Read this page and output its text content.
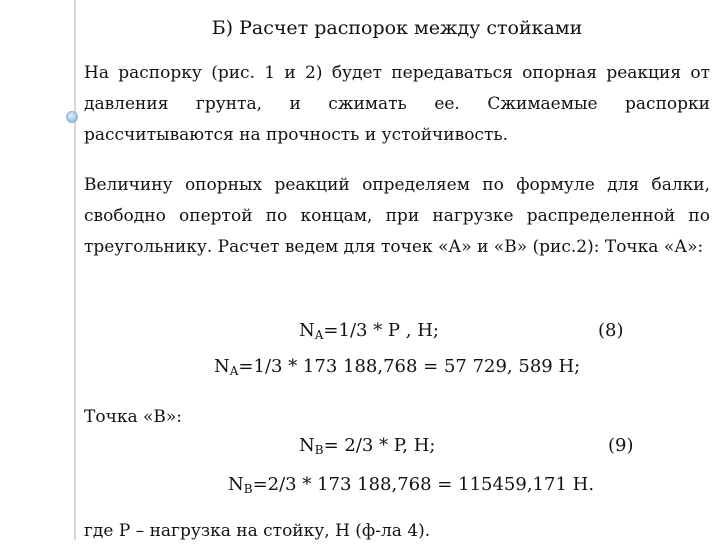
Б) Расчет распорок между стойками

На распорку (рис. 1 и 2) будет передаваться опорная реакция от давления грунта, и сжимать ее. Сжимаемые распорки рассчитываются на прочность и устойчивость.

Величину опорных реакций определяем по формуле для балки, свободно опертой по концам, при нагрузке распределенной по треугольнику. Расчет ведем для точек «А» и «В» (рис.2): Точка «А»:

$N_A=1/3 * P$ , Н;	(8)
$N_A=1/3 * 173$ 188,768 = 57 729, 589 Н;
Точка «В»:
$N_B= 2/3 * P$, Н;	(9)
$N_B=2/3 * 173$ 188,768 = 115459,171 Н.
где Р – нагрузка на стойку, Н (ф-ла 4).
